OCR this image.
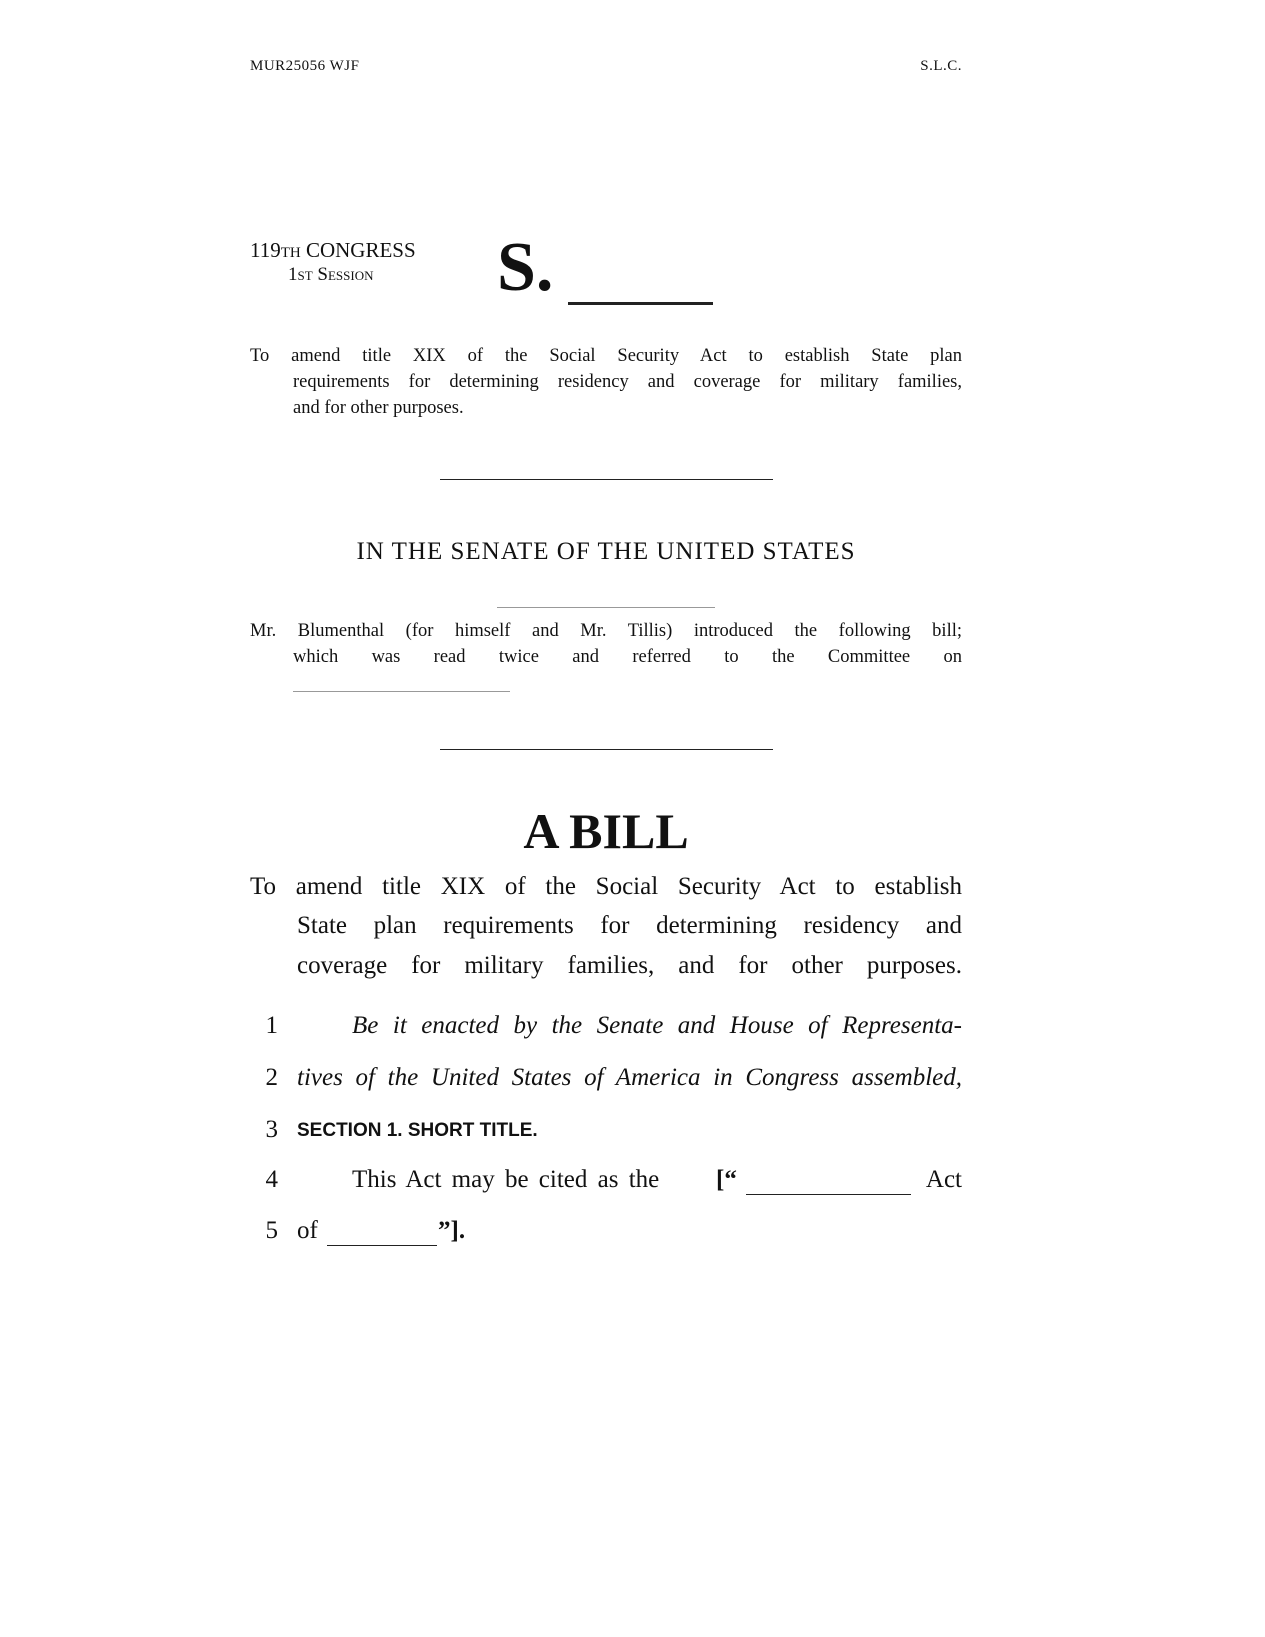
MUR25056 WJF	S.L.C.
119th CONGRESS
1st Session S.
To amend title XIX of the Social Security Act to establish State plan
requirements for determining residency and coverage for military families,
and for other purposes.
IN THE SENATE OF THE UNITED STATES
Mr. Blumenthal (for himself and Mr. Tillis) introduced the following bill;
which was read twice and referred to the Committee on
A BILL
To amend title XIX of the Social Security Act to establish
State plan requirements for determining residency and
coverage for military families, and for other purposes.
1	Be it enacted by the Senate and House of Representa-
2 tives of the United States of America in Congress assembled,
3 SECTION 1. SHORT TITLE.
4	This Act may be cited as the [“	Act
5 of	”].
